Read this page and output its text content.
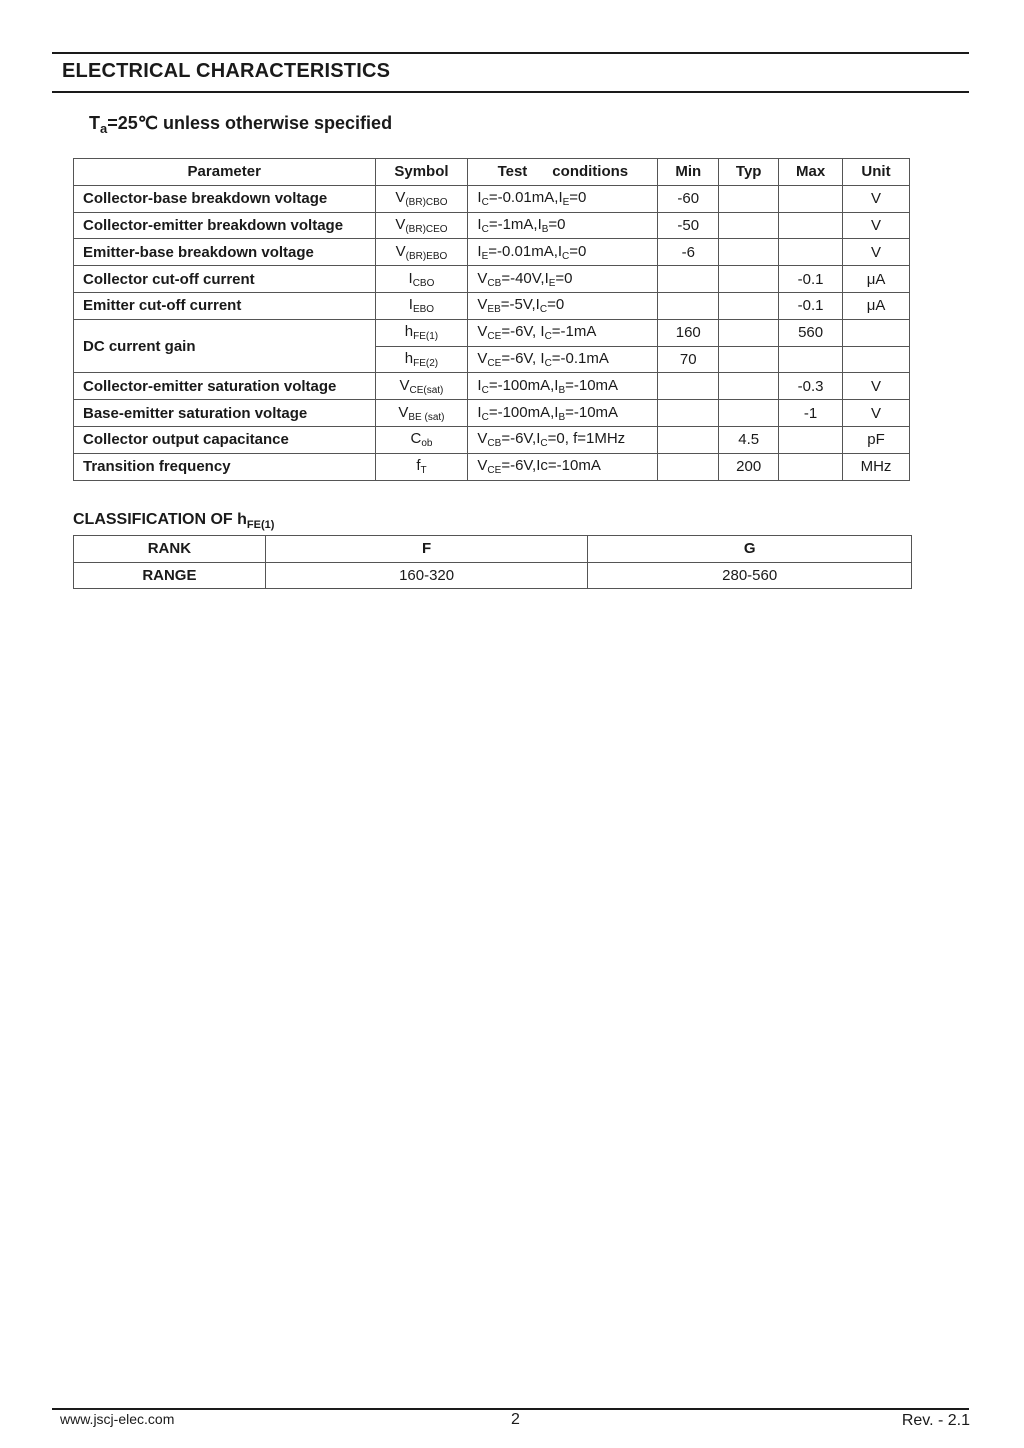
ELECTRICAL CHARACTERISTICS
$T_a=25℃$ unless otherwise specified
Parameter	Symbol	Test      conditions	Min	Typ	Max	Unit
Collector-base breakdown voltage	$V_{(BR)CBO}$	$I_C=-0.01mA,I_E=0$	-60			V
Collector-emitter breakdown voltage	$V_{(BR)CEO}$	$I_C=-1mA,I_B=0$	-50			V
Emitter-base breakdown voltage	$V_{(BR)EBO}$	$I_E=-0.01mA,I_C=0$	-6			V
Collector cut-off current	$I_{CBO}$	$V_{CB}=-40V,I_E=0$			-0.1	μA
Emitter cut-off current	$I_{EBO}$	$V_{EB}=-5V,I_C=0$			-0.1	μA
DC current gain	$h_{FE(1)}$	$V_{CE}=-6V$, $I_C=-1mA$	160		560	
	$h_{FE(2)}$	$V_{CE}=-6V$, $I_C=-0.1mA$	70			
Collector-emitter saturation voltage	$V_{CE(sat)}$	$I_C=-100mA,I_B=-10mA$			-0.3	V
Base-emitter saturation voltage	$V_{BE (sat)}$	$I_C=-100mA,I_B=-10mA$			-1	V
Collector output capacitance	$C_{ob}$	$V_{CB}=-6V,I_C=0$, f=1MHz		4.5		pF
Transition frequency	$f_T$	$V_{CE}=-6V,Ic=-10mA$		200		MHz
CLASSIFICATION OF $h_{FE(1)}$
RANK	F	G
RANGE	160-320	280-560
www.jscj-elec.com	2	Rev. - 2.1
